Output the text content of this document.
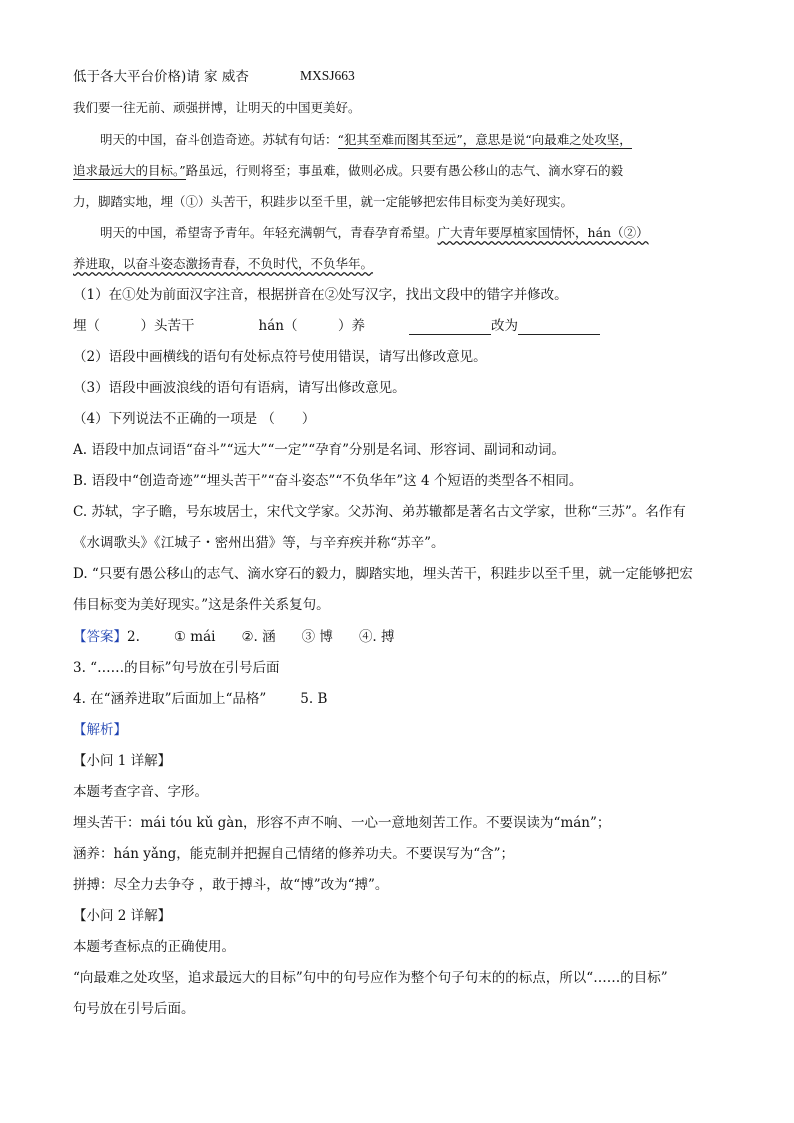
低于各大平台价格)请 家 威杏	MXSJ663
我们要一往无前、顽强拼博，让明天的中国更美好。
明天的中国，奋斗创造奇迹。苏轼有句话：“犯其至难而图其至远”，意思是说“向最难之处攻坚，
追求最远大的目标。”路虽远，行则将至；事虽难，做则必成。只要有愚公移山的志气、滴水穿石的毅
力，脚踏实地，埋（①）头苦干，积跬步以至千里，就一定能够把宏伟目标变为美好现实。
明天的中国，希望寄予青年。年轻充满朝气，青春孕育希望。广大青年要厚植家国情怀，hán（②）
养进取，以奋斗姿态激扬青春，不负时代，不负华年。
（1）在①处为前面汉字注音，根据拼音在②处写汉字，找出文段中的错字并修改。
埋（　　　）头苦干	hán（　　　）养	改为
（2）语段中画横线的语句有处标点符号使用错误，请写出修改意见。
（3）语段中画波浪线的语句有语病，请写出修改意见。
（4）下列说法不正确的一项是 （　　）
A. 语段中加点词语“奋斗”“远大”“一定”“孕育”分别是名词、形容词、副词和动词。
B. 语段中“创造奇迹”“埋头苦干”“奋斗姿态”“不负华年”这 4 个短语的类型各不相同。
C. 苏轼，字子瞻，号东坡居士，宋代文学家。父苏洵、弟苏辙都是著名古文学家，世称“三苏”。名作有
《水调歌头》《江城子・密州出猎》等，与辛弃疾并称“苏辛”。
D. “只要有愚公移山的志气、滴水穿石的毅力，脚踏实地，埋头苦干，积跬步以至千里，就一定能够把宏
伟目标变为美好现实。”这是条件关系复句。
【答案】2.	① mái ②. 涵 ③ 博 ④. 搏
3. “……的目标”句号放在引号后面
4. 在“涵养进取”后面加上“品格”	5. B
【解析】
【小问 1 详解】
本题考查字音、字形。
埋头苦干：mái tóu kǔ gàn，形容不声不响、一心一意地刻苦工作。不要误读为“mán”；
涵养：hán yǎng，能克制并把握自己情绪的修养功夫。不要误写为“含”；
拼搏：尽全力去争夺 ，敢于搏斗，故“博”改为“搏”。
【小问 2 详解】
本题考查标点的正确使用。
“向最难之处攻坚，追求最远大的目标”句中的句号应作为整个句子句末的的标点，所以“……的目标”
句号放在引号后面。
